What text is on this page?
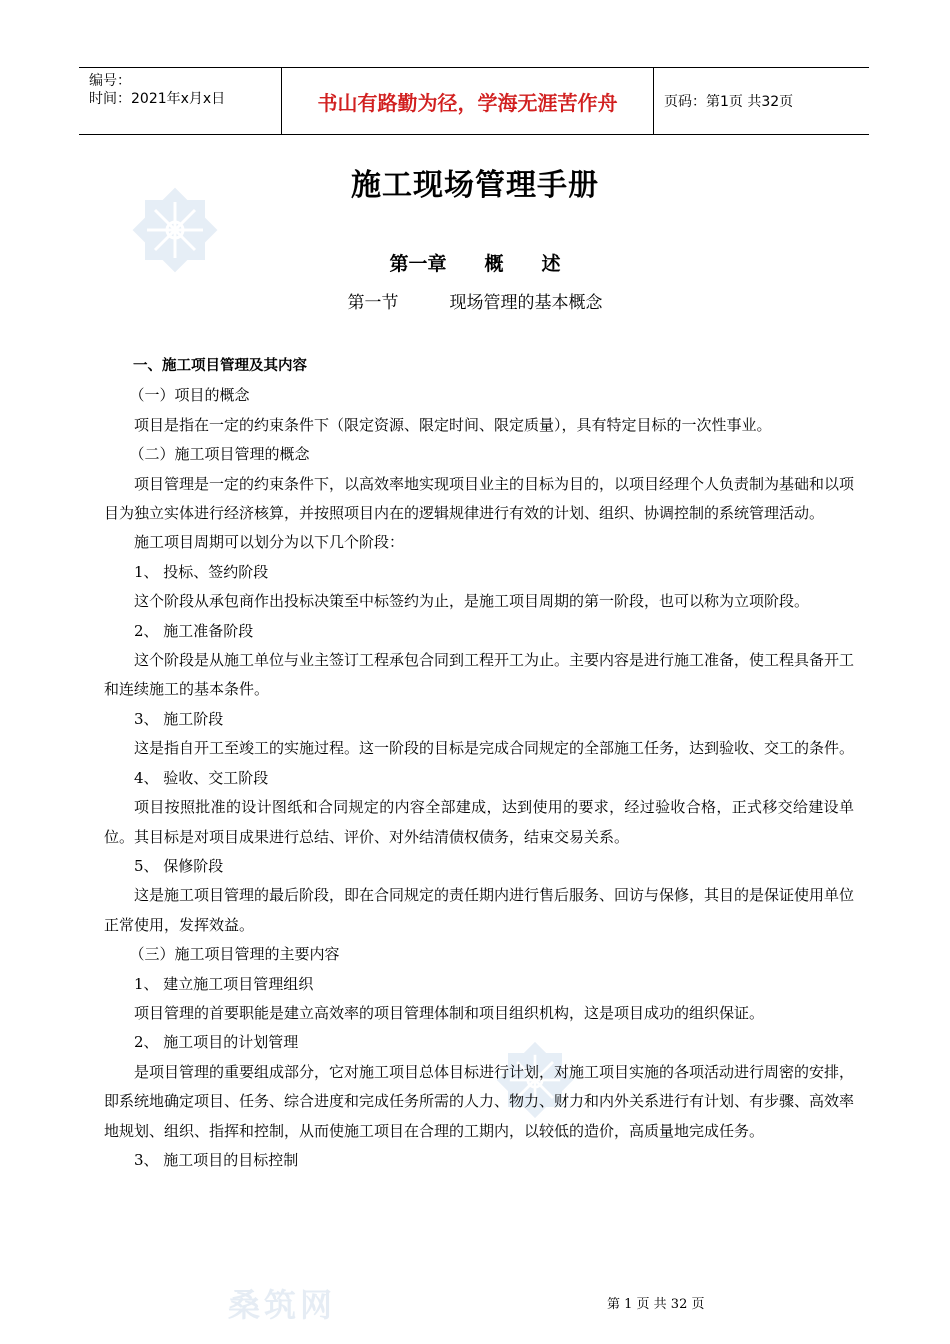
桑筑网
编号：
时间：2021年x月x日	书山有路勤为径，学海无涯苦作舟	页码：第1页 共32页
施工现场管理手册
第一章　　概　　述
第一节　　　现场管理的基本概念

一、施工项目管理及其内容

（一）项目的概念

项目是指在一定的约束条件下（限定资源、限定时间、限定质量），具有特定目标的一次性事业。

（二）施工项目管理的概念

项目管理是一定的约束条件下，以高效率地实现项目业主的目标为目的，以项目经理个人负责制为基础和以项目为独立实体进行经济核算，并按照项目内在的逻辑规律进行有效的计划、组织、协调控制的系统管理活动。

施工项目周期可以划分为以下几个阶段：

1、 投标、签约阶段

这个阶段从承包商作出投标决策至中标签约为止，是施工项目周期的第一阶段，也可以称为立项阶段。

2、 施工准备阶段

这个阶段是从施工单位与业主签订工程承包合同到工程开工为止。主要内容是进行施工准备，使工程具备开工和连续施工的基本条件。

3、 施工阶段

这是指自开工至竣工的实施过程。这一阶段的目标是完成合同规定的全部施工任务，达到验收、交工的条件。

4、 验收、交工阶段

项目按照批准的设计图纸和合同规定的内容全部建成，达到使用的要求，经过验收合格，正式移交给建设单位。其目标是对项目成果进行总结、评价、对外结清债权债务，结束交易关系。

5、 保修阶段

这是施工项目管理的最后阶段，即在合同规定的责任期内进行售后服务、回访与保修，其目的是保证使用单位正常使用，发挥效益。

（三）施工项目管理的主要内容

1、 建立施工项目管理组织

项目管理的首要职能是建立高效率的项目管理体制和项目组织机构，这是项目成功的组织保证。

2、 施工项目的计划管理

是项目管理的重要组成部分，它对施工项目总体目标进行计划，对施工项目实施的各项活动进行周密的安排，即系统地确定项目、任务、综合进度和完成任务所需的人力、物力、财力和内外关系进行有计划、有步骤、高效率地规划、组织、指挥和控制，从而使施工项目在合理的工期内，以较低的造价，高质量地完成任务。

3、 施工项目的目标控制

第 1 页 共 32 页
